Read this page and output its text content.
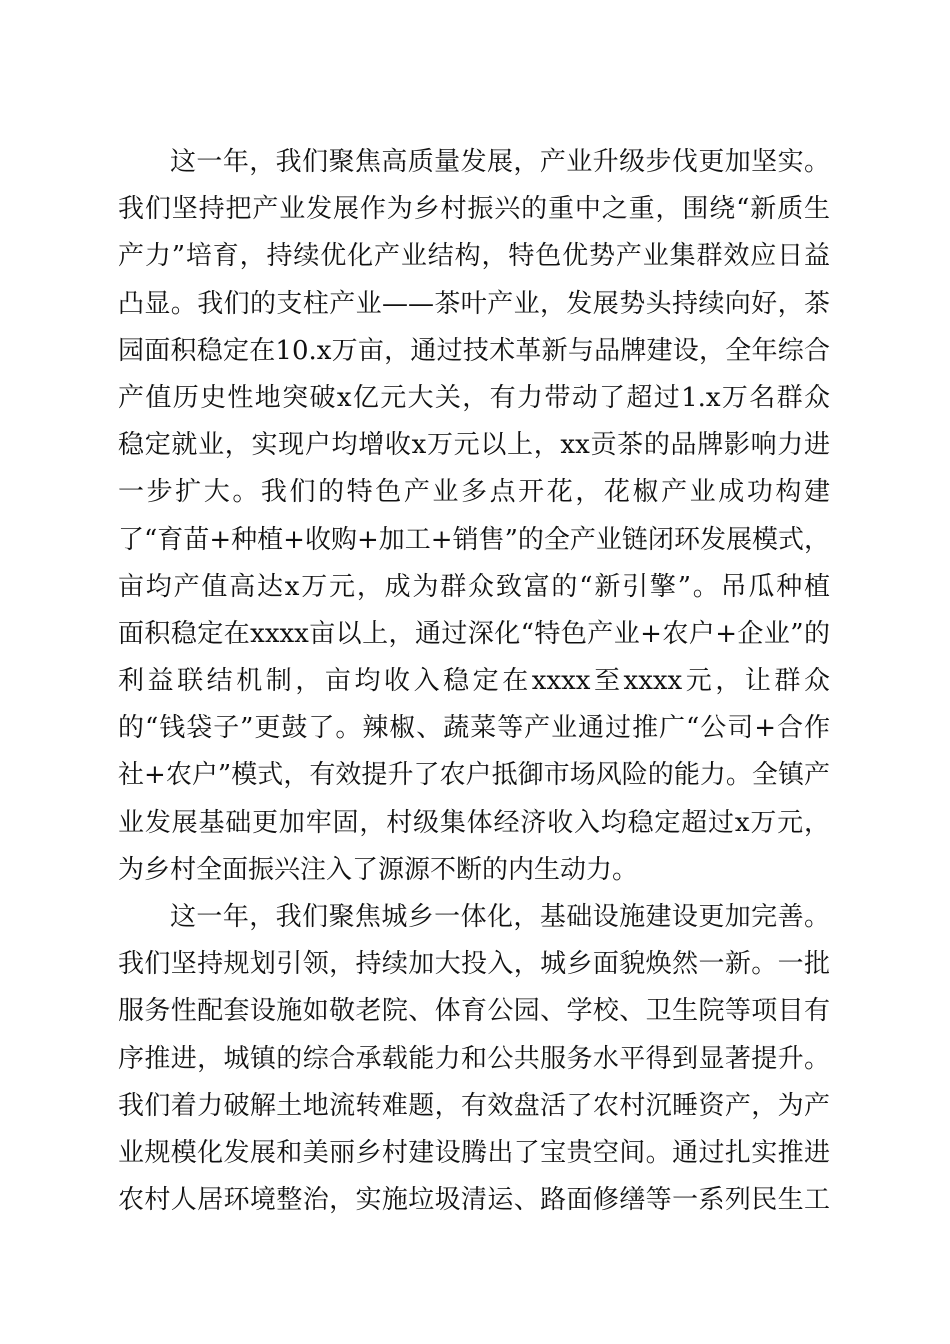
这一年，我们聚焦高质量发展，产业升级步伐更加坚实。
我们坚持把产业发展作为乡村振兴的重中之重，围绕“新质生
产力”培育，持续优化产业结构，特色优势产业集群效应日益
凸显。我们的支柱产业——茶叶产业，发展势头持续向好，茶
园面积稳定在10.x万亩，通过技术革新与品牌建设，全年综合
产值历史性地突破x亿元大关，有力带动了超过1.x万名群众
稳定就业，实现户均增收x万元以上，xx贡茶的品牌影响力进
一步扩大。我们的特色产业多点开花，花椒产业成功构建
了“育苗+种植+收购+加工+销售”的全产业链闭环发展模式，
亩均产值高达x万元，成为群众致富的“新引擎”。吊瓜种植
面积稳定在xxxx亩以上，通过深化“特色产业+农户+企业”的
利益联结机制，亩均收入稳定在xxxx至xxxx元，让群众
的“钱袋子”更鼓了。辣椒、蔬菜等产业通过推广“公司+合作
社+农户”模式，有效提升了农户抵御市场风险的能力。全镇产
业发展基础更加牢固，村级集体经济收入均稳定超过x万元，
为乡村全面振兴注入了源源不断的内生动力。
这一年，我们聚焦城乡一体化，基础设施建设更加完善。
我们坚持规划引领，持续加大投入，城乡面貌焕然一新。一批
服务性配套设施如敬老院、体育公园、学校、卫生院等项目有
序推进，城镇的综合承载能力和公共服务水平得到显著提升。
我们着力破解土地流转难题，有效盘活了农村沉睡资产，为产
业规模化发展和美丽乡村建设腾出了宝贵空间。通过扎实推进
农村人居环境整治，实施垃圾清运、路面修缮等一系列民生工
